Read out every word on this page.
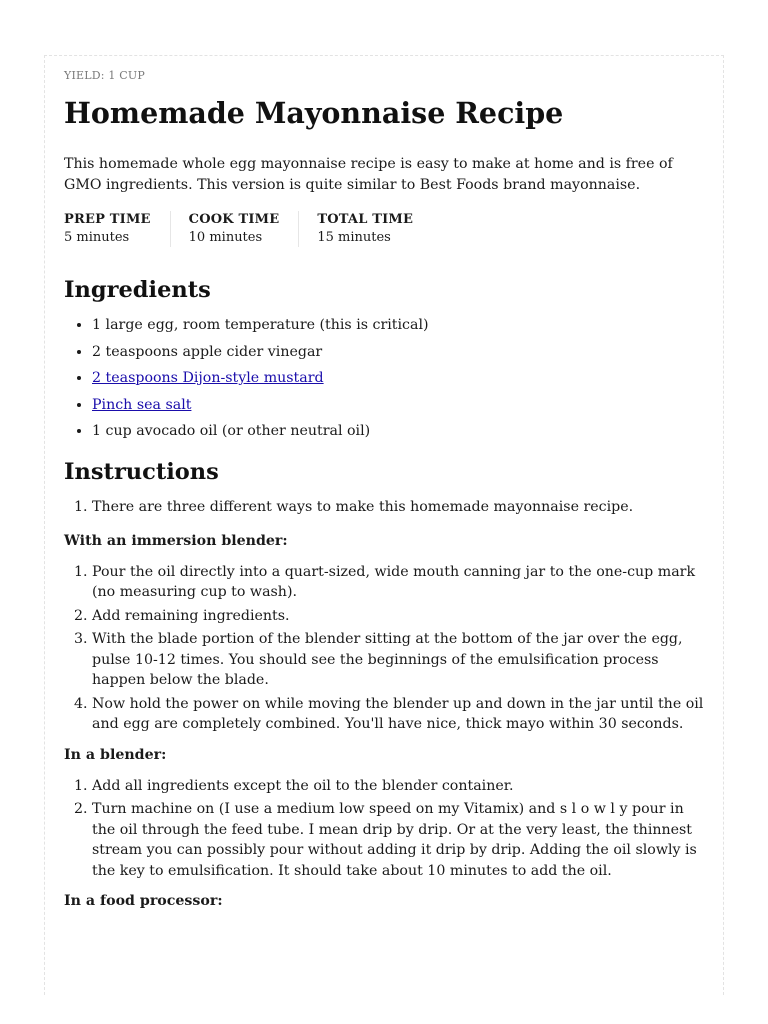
YIELD: 1 CUP
Homemade Mayonnaise Recipe

This homemade whole egg mayonnaise recipe is easy to make at home and is free of GMO ingredients. This version is quite similar to Best Foods brand mayonnaise.

PREP TIME
5 minutes
COOK TIME
10 minutes
TOTAL TIME
15 minutes
Ingredients
• 1 large egg, room temperature (this is critical)
• 2 teaspoons apple cider vinegar
• 2 teaspoons Dijon-style mustard
• Pinch sea salt
• 1 cup avocado oil (or other neutral oil)
Instructions
1. There are three different ways to make this homemade mayonnaise recipe.
With an immersion blender:
1. Pour the oil directly into a quart-sized, wide mouth canning jar to the one-cup mark (no measuring cup to wash).
2. Add remaining ingredients.
3. With the blade portion of the blender sitting at the bottom of the jar over the egg, pulse 10-12 times. You should see the beginnings of the emulsification process happen below the blade.
4. Now hold the power on while moving the blender up and down in the jar until the oil and egg are completely combined. You'll have nice, thick mayo within 30 seconds.
In a blender:
1. Add all ingredients except the oil to the blender container.
2. Turn machine on (I use a medium low speed on my Vitamix) and s l o w l y pour in the oil through the feed tube. I mean drip by drip. Or at the very least, the thinnest stream you can possibly pour without adding it drip by drip. Adding the oil slowly is the key to emulsification. It should take about 10 minutes to add the oil.
In a food processor:
